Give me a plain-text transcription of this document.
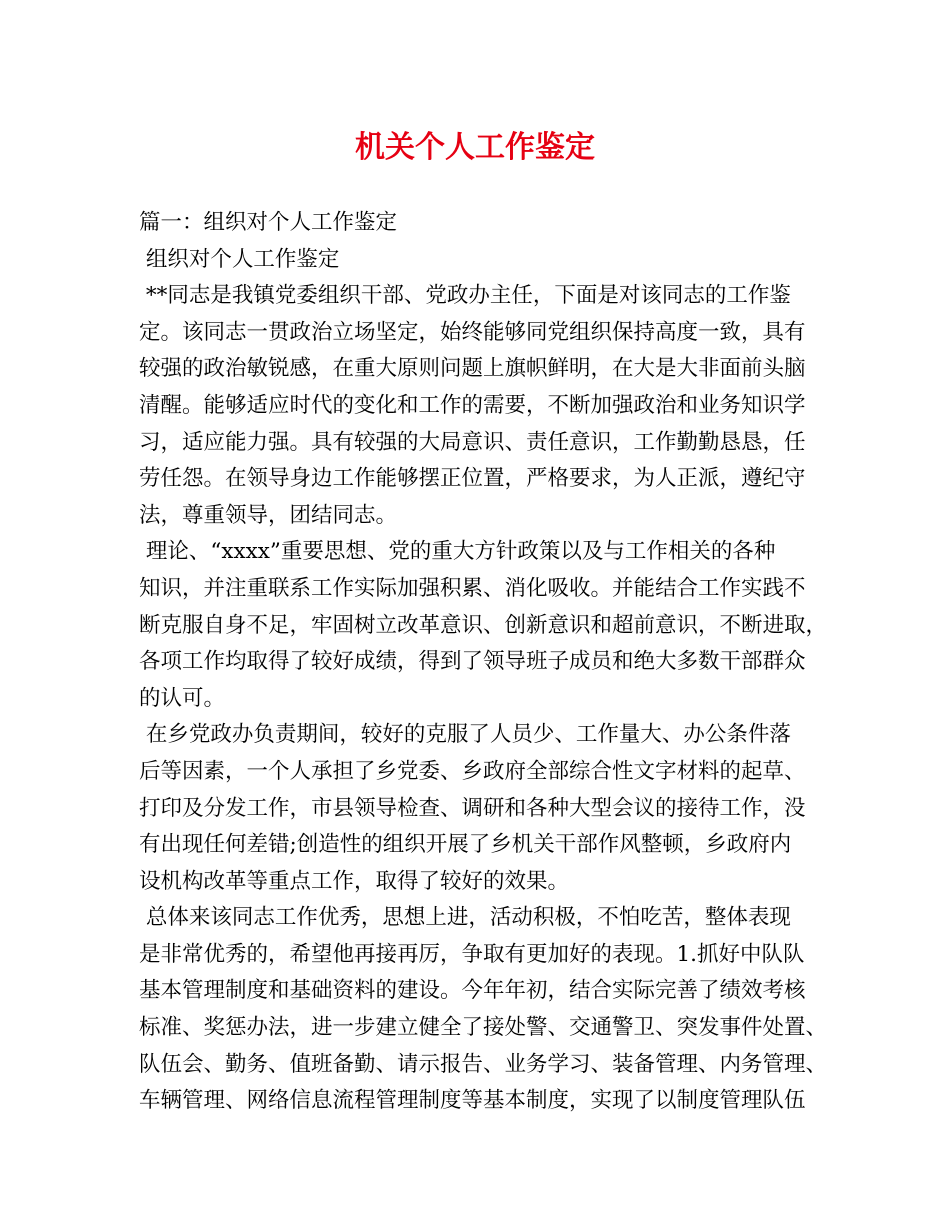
机关个人工作鉴定
篇一：组织对个人工作鉴定
组织对个人工作鉴定
**同志是我镇党委组织干部、党政办主任，下面是对该同志的工作鉴
定。该同志一贯政治立场坚定，始终能够同党组织保持高度一致，具有
较强的政治敏锐感，在重大原则问题上旗帜鲜明，在大是大非面前头脑
清醒。能够适应时代的变化和工作的需要，不断加强政治和业务知识学
习，适应能力强。具有较强的大局意识、责任意识，工作勤勤恳恳，任
劳任怨。在领导身边工作能够摆正位置，严格要求，为人正派，遵纪守
法，尊重领导，团结同志。
理论、“xxxx”重要思想、党的重大方针政策以及与工作相关的各种
知识，并注重联系工作实际加强积累、消化吸收。并能结合工作实践不
断克服自身不足，牢固树立改革意识、创新意识和超前意识，不断进取，
各项工作均取得了较好成绩，得到了领导班子成员和绝大多数干部群众
的认可。
在乡党政办负责期间，较好的克服了人员少、工作量大、办公条件落
后等因素，一个人承担了乡党委、乡政府全部综合性文字材料的起草、
打印及分发工作，市县领导检查、调研和各种大型会议的接待工作，没
有出现任何差错;创造性的组织开展了乡机关干部作风整顿，乡政府内
设机构改革等重点工作，取得了较好的效果。
总体来该同志工作优秀，思想上进，活动积极，不怕吃苦，整体表现
是非常优秀的，希望他再接再厉，争取有更加好的表现。1.抓好中队队
基本管理制度和基础资料的建设。今年年初，结合实际完善了绩效考核
标准、奖惩办法，进一步建立健全了接处警、交通警卫、突发事件处置、
队伍会、勤务、值班备勤、请示报告、业务学习、装备管理、内务管理、
车辆管理、网络信息流程管理制度等基本制度，实现了以制度管理队伍
